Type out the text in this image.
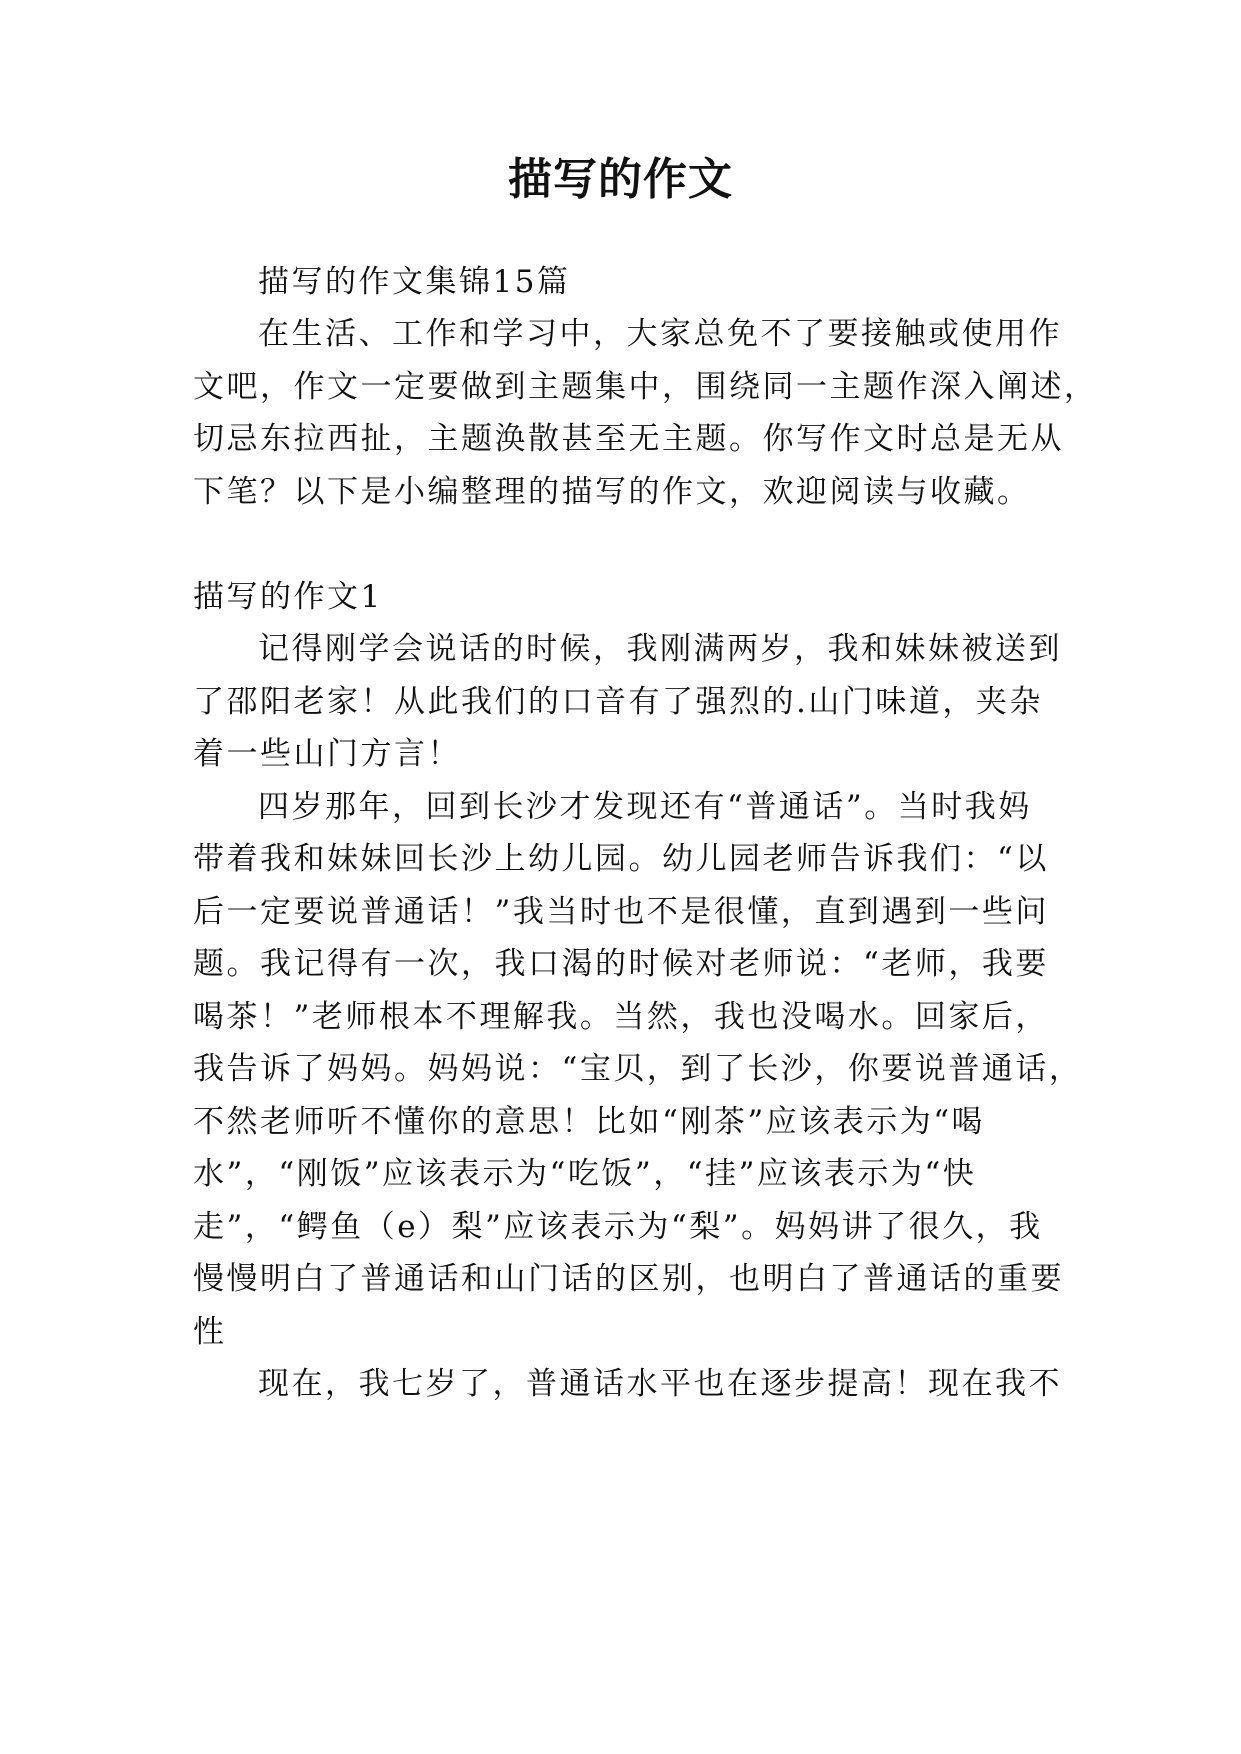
描写的作文
描写的作文集锦15篇
在生活、工作和学习中，大家总免不了要接触或使用作
文吧，作文一定要做到主题集中，围绕同一主题作深入阐述，
切忌东拉西扯，主题涣散甚至无主题。你写作文时总是无从
下笔？以下是小编整理的描写的作文，欢迎阅读与收藏。
描写的作文1
记得刚学会说话的时候，我刚满两岁，我和妹妹被送到
了邵阳老家！从此我们的口音有了强烈的.山门味道，夹杂
着一些山门方言！
四岁那年，回到长沙才发现还有“普通话”。当时我妈
带着我和妹妹回长沙上幼儿园。幼儿园老师告诉我们：“以
后一定要说普通话！”我当时也不是很懂，直到遇到一些问
题。我记得有一次，我口渴的时候对老师说：“老师，我要
喝茶！”老师根本不理解我。当然，我也没喝水。回家后，
我告诉了妈妈。妈妈说：“宝贝，到了长沙，你要说普通话，
不然老师听不懂你的意思！比如“刚茶”应该表示为“喝
水”，“刚饭”应该表示为“吃饭”，“挂”应该表示为“快
走”，“鳄鱼（e）梨”应该表示为“梨”。妈妈讲了很久，我
慢慢明白了普通话和山门话的区别，也明白了普通话的重要
性
现在，我七岁了，普通话水平也在逐步提高！现在我不
